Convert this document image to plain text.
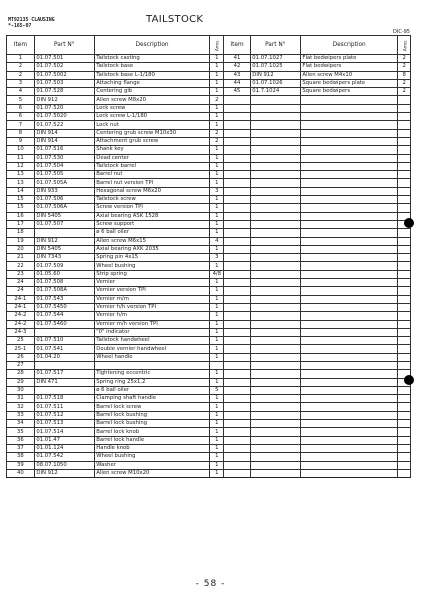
MT92135 CLAUSING
*-165-07
TAILSTOCK
DIC-95
Item	Part N°	Description	Amo.	Item	Part N°	Description	Amo.
1	01.07.501	Tailstock casting	1	41	01.07.1027	Flat bedwipers plate	2
2	01.07.502	Tailstock base	1	42	01.07.1025	Flat bedwipers	2
2	01.07.5002	Tailstock base L-1/180	1	43	DIN 912	Allen screw M4x10	8
3	01.07.503	Attaching flange	1	44	01.07.1026	Square bedwipers plate	2
4	01.07.528	Centering gib	1	45	01.7.1024	Square bedwipers	2
5	DIN 912	Allen screw M8x20	2				
6	01.07.520	Lock screw	1				
6	01.07.5020	Lock screw L-1/180	1				
7	01.07.522	Lock nut	1				
8	DIN 914	Centering grub screw M10x30	2				
9	DIN 914	Attachment grub screw	2				
10	01.07.516	Shank key	1				
11	01.07.530	Dead center	1				
12	01.07.504	Tailstock barrel	1				
13	01.07.505	Barrel nut	1				
13	01.07.505A	Barrel nut version TPI	1				
14	DIN 933	Hexagonal screw M6x20	3				
15	01.07.506	Tailstock screw	1				
15	01.07.506A	Screw version TPI	1				
16	DIN 5405	Axial bearing ASK 1528	1				
17	01.07.507	Screw support	1				
18		ø 6 ball oiler	1				
19	DIN 912	Allen screw M6x15	4				
20	DIN 5405	Axial bearing AXK 2035	1				
21	DIN 7343	Spring pin 4x15	3				
22	01.07.509	Wheel bushing	1				
23	01.05.60	Strip spring	4/8				
24	01.07.508	Vernier	1				
24	01.07.508A	Vernier version TPI	1				
24-1	01.07.543	Vernier m/m	1				
24-1	01.07.5450	Vernier h/h version TPI	1				
24-2	01.07.544	Vernier h/m	1				
24-2	01.07.5460	Vernier m/h version TPI	1				
24-3		"0" indicator	1				
25	01.07.510	Tailstock handwheel	1				
25-1	01.07.541	Double vernier handwheel	1				
26	01.04.20	Wheel handle	1				
27							
28	01.07.517	Tightening eccentric	1				
29	DIN 471	Spring ring 25x1,2	1				
30		ø 6 ball oiler	5				
31	01.07.518	Clamping shaft handle	1				
32	01.07.511	Barrel lock screw	1				
33	01.07.512	Barrel lock bushing	1				
34	01.07.513	Barrel lock bushing	1				
35	01.07.514	Barrel lock knob	1				
36	01.01.47	Barrel lock handle	1				
37	01.01.124	Handle knob	1				
38	01.07.542	Wheel bushing	1				
39	08.07.1050	Washer	1				
40	DIN 912	Allen screw M10x20	1				
- 58 -
